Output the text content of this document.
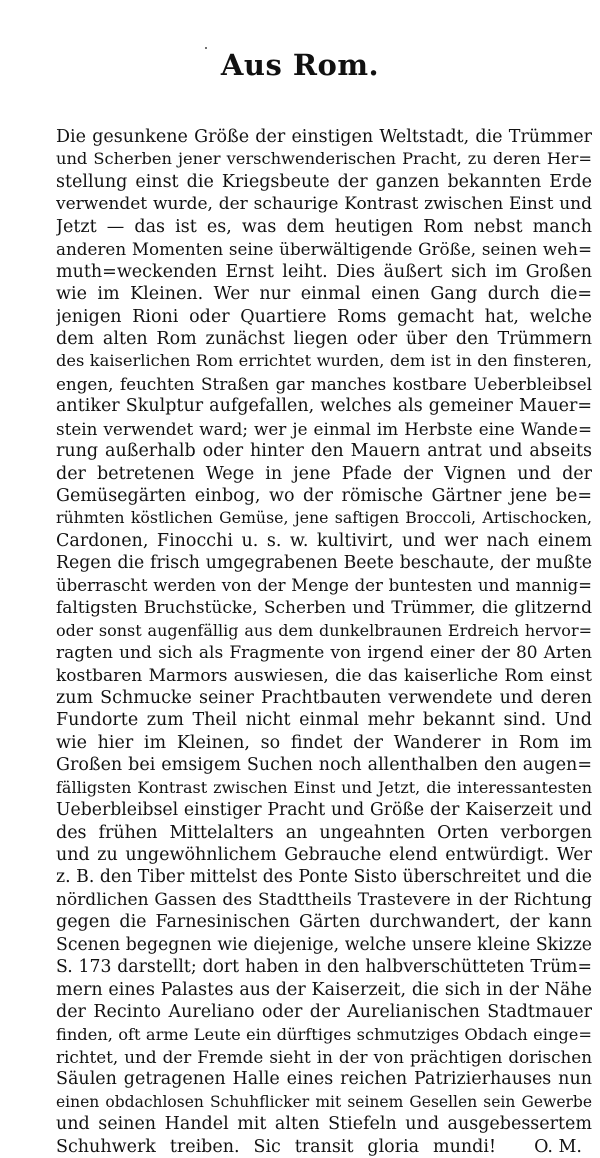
Aus Rom.
Die gesunkene Größe der einstigen Weltstadt, die Trümmer
und Scherben jener verschwenderischen Pracht, zu deren Her=
stellung einst die Kriegsbeute der ganzen bekannten Erde
verwendet wurde, der schaurige Kontrast zwischen Einst und
Jetzt — das ist es, was dem heutigen Rom nebst manch
anderen Momenten seine überwältigende Größe, seinen weh=
muth=weckenden Ernst leiht. Dies äußert sich im Großen
wie im Kleinen. Wer nur einmal einen Gang durch die=
jenigen Rioni oder Quartiere Roms gemacht hat, welche
dem alten Rom zunächst liegen oder über den Trümmern
des kaiserlichen Rom errichtet wurden, dem ist in den finsteren,
engen, feuchten Straßen gar manches kostbare Ueberbleibsel
antiker Skulptur aufgefallen, welches als gemeiner Mauer=
stein verwendet ward; wer je einmal im Herbste eine Wande=
rung außerhalb oder hinter den Mauern antrat und abseits
der betretenen Wege in jene Pfade der Vignen und der
Gemüsegärten einbog, wo der römische Gärtner jene be=
rühmten köstlichen Gemüse, jene saftigen Broccoli, Artischocken,
Cardonen, Finocchi u. s. w. kultivirt, und wer nach einem
Regen die frisch umgegrabenen Beete beschaute, der mußte
überrascht werden von der Menge der buntesten und mannig=
faltigsten Bruchstücke, Scherben und Trümmer, die glitzernd
oder sonst augenfällig aus dem dunkelbraunen Erdreich hervor=
ragten und sich als Fragmente von irgend einer der 80 Arten
kostbaren Marmors auswiesen, die das kaiserliche Rom einst
zum Schmucke seiner Prachtbauten verwendete und deren
Fundorte zum Theil nicht einmal mehr bekannt sind. Und
wie hier im Kleinen, so findet der Wanderer in Rom im
Großen bei emsigem Suchen noch allenthalben den augen=
fälligsten Kontrast zwischen Einst und Jetzt, die interessantesten
Ueberbleibsel einstiger Pracht und Größe der Kaiserzeit und
des frühen Mittelalters an ungeahnten Orten verborgen
und zu ungewöhnlichem Gebrauche elend entwürdigt. Wer
z. B. den Tiber mittelst des Ponte Sisto überschreitet und die
nördlichen Gassen des Stadttheils Trastevere in der Richtung
gegen die Farnesinischen Gärten durchwandert, der kann
Scenen begegnen wie diejenige, welche unsere kleine Skizze
S. 173 darstellt; dort haben in den halbverschütteten Trüm=
mern eines Palastes aus der Kaiserzeit, die sich in der Nähe
der Recinto Aureliano oder der Aurelianischen Stadtmauer
finden, oft arme Leute ein dürftiges schmutziges Obdach einge=
richtet, und der Fremde sieht in der von prächtigen dorischen
Säulen getragenen Halle eines reichen Patrizierhauses nun
einen obdachlosen Schuhflicker mit seinem Gesellen sein Gewerbe
und seinen Handel mit alten Stiefeln und ausgebessertem
Schuhwerk treiben. Sic transit gloria mundi! O. M.
